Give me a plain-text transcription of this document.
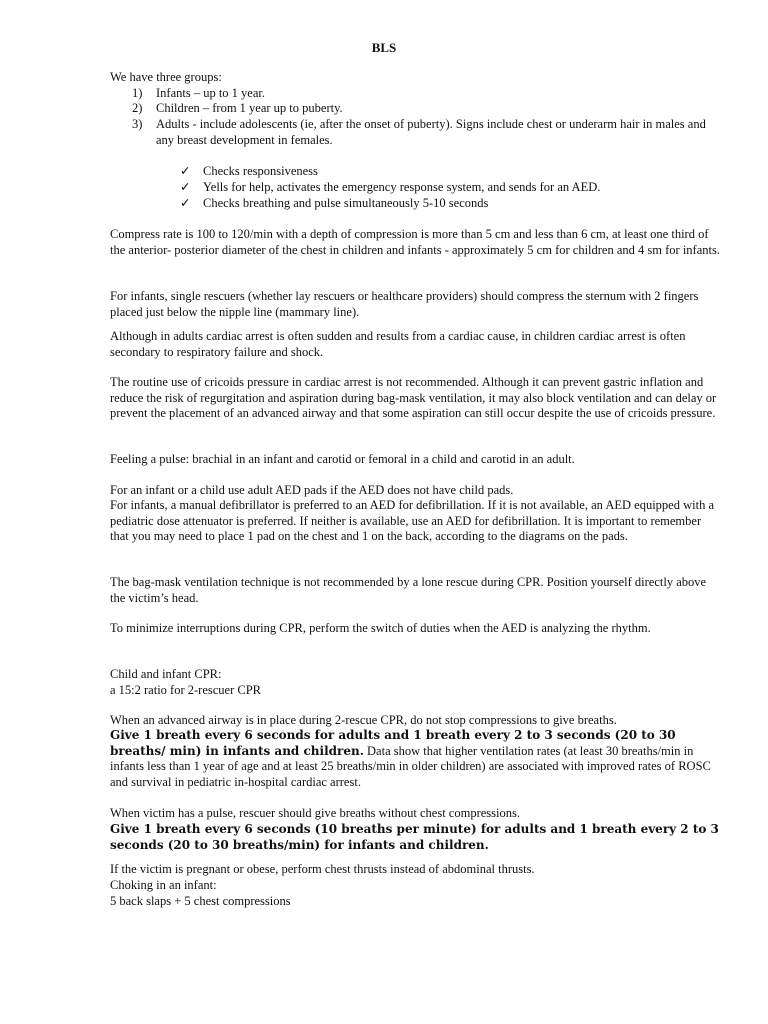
BLS
We have three groups:
1)	Infants – up to 1 year.
2)	Children – from 1 year up to puberty.
3)	Adults - include adolescents (ie, after the onset of puberty). Signs include chest or underarm hair in males and any breast development in females.
✓	Checks responsiveness
✓	Yells for help, activates the emergency response system, and sends for an AED.
✓	Checks breathing and pulse simultaneously 5-10 seconds
Compress rate is 100 to 120/min with a depth of compression is more than 5 cm and less than 6 cm, at least one third of the anterior- posterior diameter of the chest in children and infants - approximately 5 cm for children and 4 sm for infants.
For infants, single rescuers (whether lay rescuers or healthcare providers) should compress the sternum with 2 fingers placed just below the nipple line (mammary line).
Although in adults cardiac arrest is often sudden and results from a cardiac cause, in children cardiac arrest is often secondary to respiratory failure and shock.
The routine use of cricoids pressure in cardiac arrest is not recommended. Although it can prevent gastric inflation and reduce the risk of regurgitation and aspiration during bag-mask ventilation, it may also block ventilation and can delay or prevent the placement of an advanced airway and that some aspiration can still occur despite the use of cricoids pressure.
Feeling a pulse: brachial in an infant and carotid or femoral in a child and carotid in an adult.
For an infant or a child use adult AED pads if the AED does not have child pads.
For infants, a manual defibrillator is preferred to an AED for defibrillation. If it is not available, an AED equipped with a pediatric dose attenuator is preferred. If neither is available, use an AED for defibrillation. It is important to remember that you may need to place 1 pad on the chest and 1 on the back, according to the diagrams on the pads.
The bag-mask ventilation technique is not recommended by a lone rescue during CPR. Position yourself directly above the victim’s head.
To minimize interruptions during CPR, perform the switch of duties when the AED is analyzing the rhythm.
Child and infant CPR:
a 15:2 ratio for 2-rescuer CPR
When an advanced airway is in place during 2-rescue CPR, do not stop compressions to give breaths.
Give 1 breath every 6 seconds for adults and 1 breath every 2 to 3 seconds (20 to 30 breaths/ min) in infants and children. Data show that higher ventilation rates (at least 30 breaths/min in infants less than 1 year of age and at least 25 breaths/min in older children) are associated with improved rates of ROSC and survival in pediatric in-hospital cardiac arrest.
When victim has a pulse, rescuer should give breaths without chest compressions.
Give 1 breath every 6 seconds (10 breaths per minute) for adults and 1 breath every 2 to 3 seconds (20 to 30 breaths/min) for infants and children.
If the victim is pregnant or obese, perform chest thrusts instead of abdominal thrusts.
Choking in an infant:
5 back slaps + 5 chest compressions
